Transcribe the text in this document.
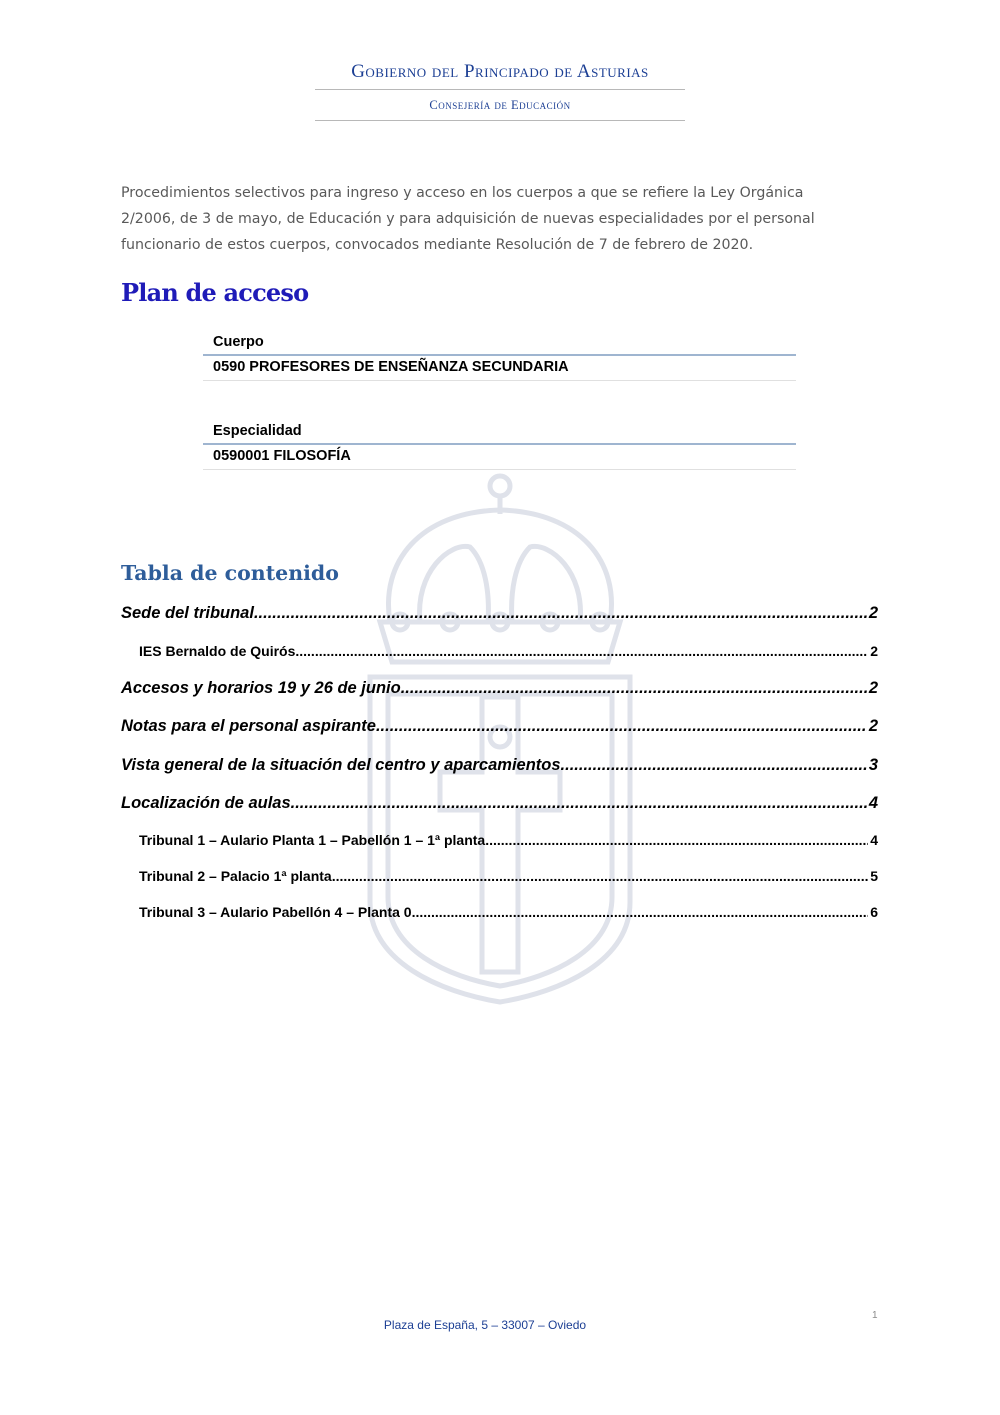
Gobierno del Principado de Asturias
Consejería de Educación

Procedimientos selectivos para ingreso y acceso en los cuerpos a que se refiere la Ley Orgánica 2/2006, de 3 de mayo, de Educación y para adquisición de nuevas especialidades por el personal funcionario de estos cuerpos, convocados mediante Resolución de 7 de febrero de 2020.

Plan de acceso
Cuerpo
0590 PROFESORES DE ENSEÑANZA SECUNDARIA
Especialidad
0590001 FILOSOFÍA
Tabla de contenido
Sede del tribunal .....	2
IES Bernaldo de Quirós .....	2
Accesos y horarios 19 y 26 de junio .....	2
Notas para el personal aspirante .....	2
Vista general de la situación del centro y aparcamientos .....	3
Localización de aulas .....	4
Tribunal 1 – Aulario Planta 1 – Pabellón 1 – 1ª planta .....	4
Tribunal 2 – Palacio 1ª planta .....	5
Tribunal 3 – Aulario Pabellón 4 – Planta 0 .....	6
1
Plaza de España, 5 – 33007 – Oviedo
